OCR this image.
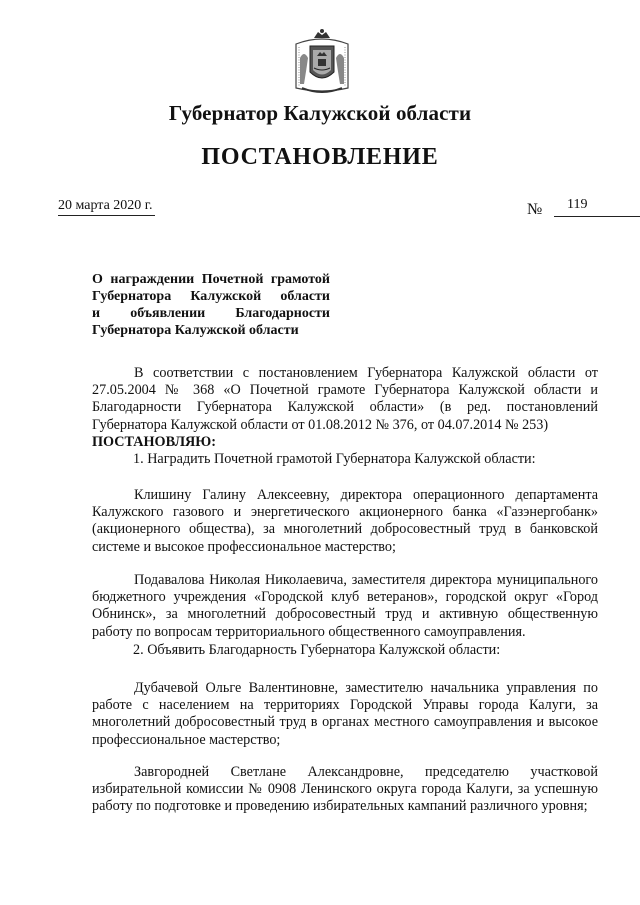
Губернатор Калужской области
ПОСТАНОВЛЕНИЕ
20 марта 2020 г.	№ 119
О награждении Почетной грамотой
Губернатора Калужской области
и объявлении Благодарности
Губернатора Калужской области
В соответствии с постановлением Губернатора Калужской области от 27.05.2004 № 368 «О Почетной грамоте Губернатора Калужской области и Благодарности Губернатора Калужской области» (в ред. постановлений Губернатора Калужской области от 01.08.2012 № 376, от 04.07.2014 № 253)
ПОСТАНОВЛЯЮ:
1. Наградить Почетной грамотой Губернатора Калужской области:
Клишину Галину Алексеевну, директора операционного департамента Калужского газового и энергетического акционерного банка «Газэнергобанк» (акционерного общества), за многолетний добросовестный труд в банковской системе и высокое профессиональное мастерство;
Подавалова Николая Николаевича, заместителя директора муниципального бюджетного учреждения «Городской клуб ветеранов», городской округ «Город Обнинск», за многолетний добросовестный труд и активную общественную работу по вопросам территориального общественного самоуправления.
2. Объявить Благодарность Губернатора Калужской области:
Дубачевой Ольге Валентиновне, заместителю начальника управления по работе с населением на территориях Городской Управы города Калуги, за многолетний добросовестный труд в органах местного самоуправления и высокое профессиональное мастерство;
Завгородней Светлане Александровне, председателю участковой избирательной комиссии № 0908 Ленинского округа города Калуги, за успешную работу по подготовке и проведению избирательных кампаний различного уровня;
